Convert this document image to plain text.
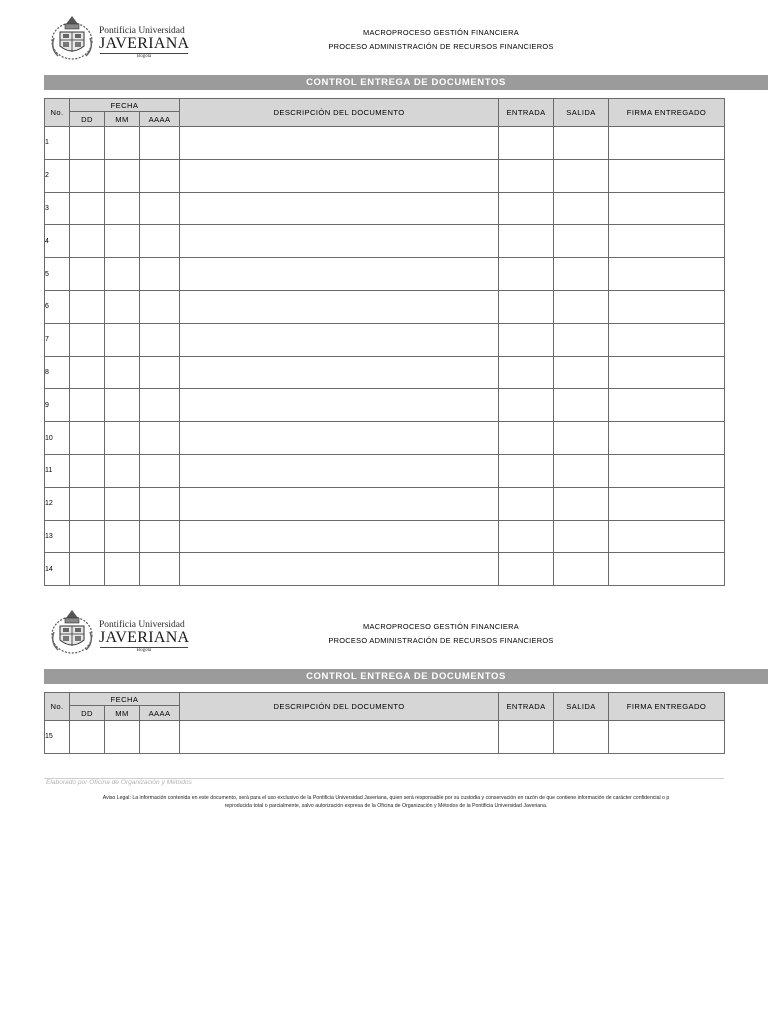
Pontificia Universidad
JAVERIANA
Bogotá
MACROPROCESO GESTIÓN FINANCIERA
PROCESO ADMINISTRACIÓN DE RECURSOS FINANCIEROS
CONTROL ENTREGA DE DOCUMENTOS
No.	FECHA			DESCRIPCIÓN DEL DOCUMENTO	ENTRADA	SALIDA	FIRMA ENTREGADO
	DD	MM	AAAA				
1							
2							
3							
4							
5							
6							
7							
8							
9							
10							
11							
12							
13							
14							
Pontificia Universidad
JAVERIANA
Bogotá
MACROPROCESO GESTIÓN FINANCIERA
PROCESO ADMINISTRACIÓN DE RECURSOS FINANCIEROS
CONTROL ENTREGA DE DOCUMENTOS
No.	FECHA			DESCRIPCIÓN DEL DOCUMENTO	ENTRADA	SALIDA	FIRMA ENTREGADO
	DD	MM	AAAA				
15							
Elaborado por Oficina de Organización y Métodos
Aviso Legal: La información contenida en este documento, será para el uso exclusivo de la Pontificia Universidad Javeriana, quien será responsable por su custodia y conservación en razón de que contiene información de carácter confidencial o p
reproducida total o parcialmente, salvo autorización expresa de la Oficina de Organización y Métodos de la Pontificia Universidad Javeriana.
